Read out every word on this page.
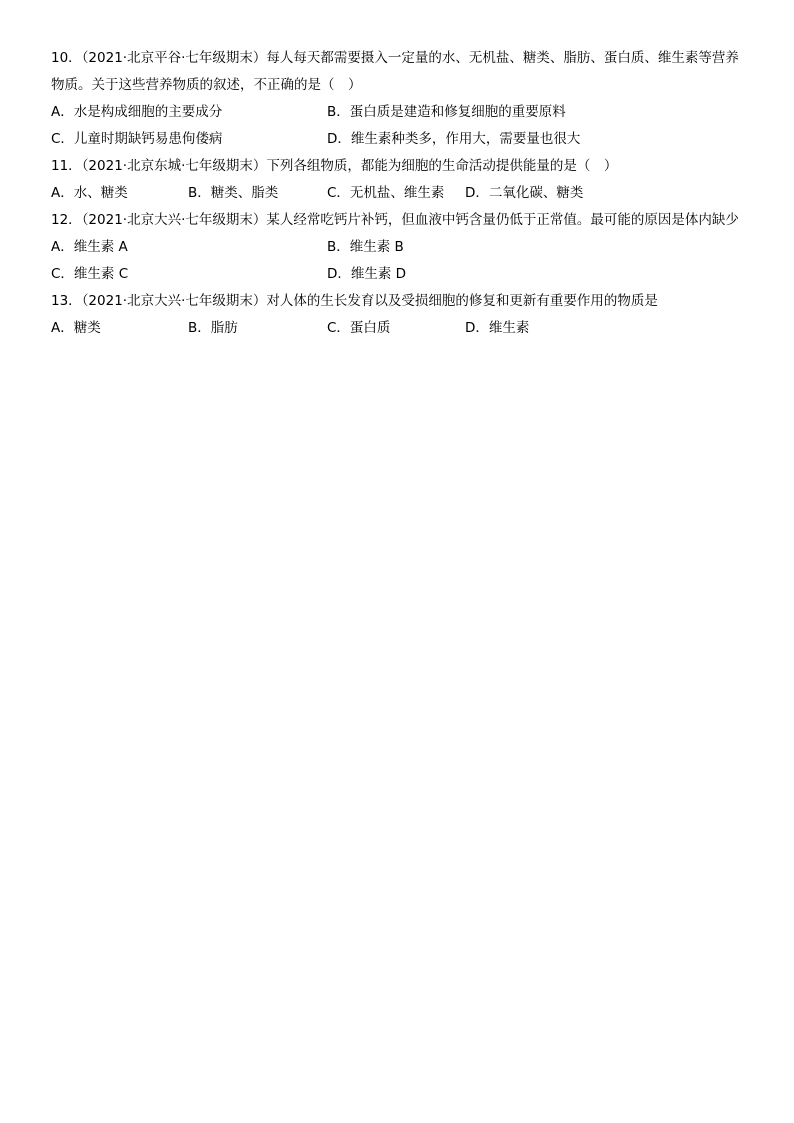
10．（2021·北京平谷·七年级期末）每人每天都需要摄入一定量的水、无机盐、糖类、脂肪、蛋白质、维生素等营养物质。关于这些营养物质的叙述，不正确的是（　）
A．水是构成细胞的主要成分	B．蛋白质是建造和修复细胞的重要原料
C．儿童时期缺钙易患佝偻病	D．维生素种类多，作用大，需要量也很大
11．（2021·北京东城·七年级期末）下列各组物质，都能为细胞的生命活动提供能量的是（　）
A．水、糖类	B．糖类、脂类	C．无机盐、维生素 D．二氧化碳、糖类
12．（2021·北京大兴·七年级期末）某人经常吃钙片补钙，但血液中钙含量仍低于正常值。最可能的原因是体内缺少
A．维生素 A	B．维生素 B
C．维生素 C	D．维生素 D
13．（2021·北京大兴·七年级期末）对人体的生长发育以及受损细胞的修复和更新有重要作用的物质是
A．糖类	B．脂肪	C．蛋白质	D．维生素
